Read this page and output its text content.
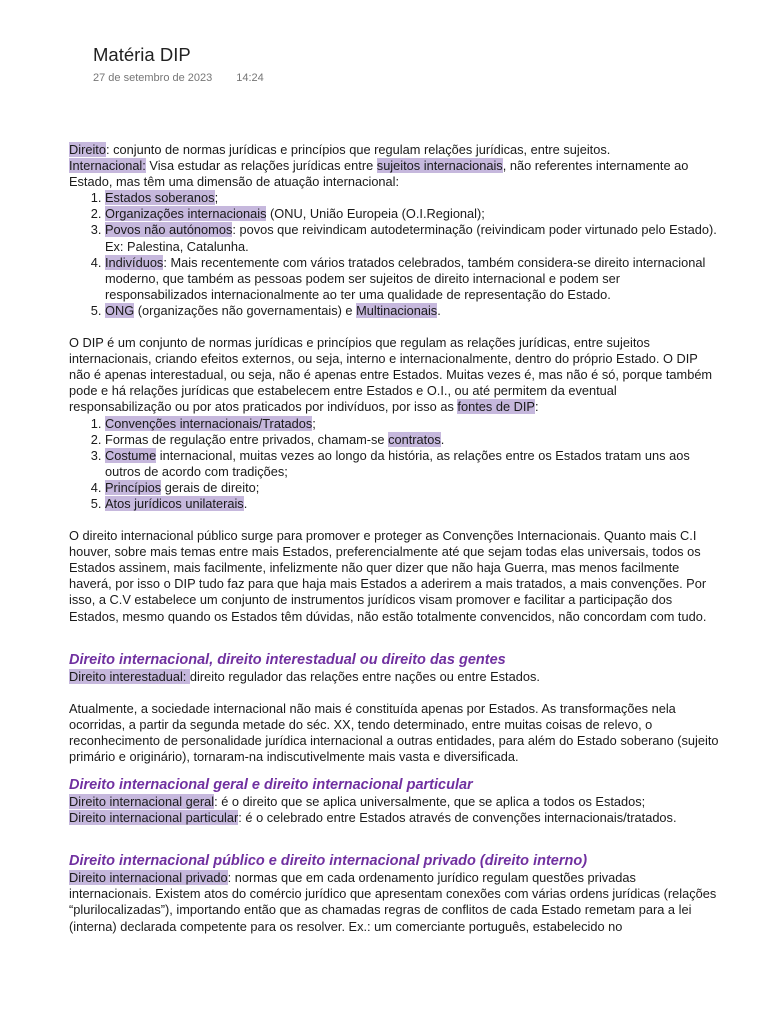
Matéria DIP
27 de setembro de 2023 14:24

Direito: conjunto de normas jurídicas e princípios que regulam relações jurídicas, entre sujeitos.

Internacional: Visa estudar as relações jurídicas entre sujeitos internacionais, não referentes internamente ao Estado, mas têm uma dimensão de atuação internacional:

1. Estados soberanos;
2. Organizações internacionais (ONU, União Europeia (O.I.Regional);
3. Povos não autónomos: povos que reivindicam autodeterminação (reivindicam poder virtunado pelo Estado). Ex: Palestina, Catalunha.
4. Indivíduos: Mais recentemente com vários tratados celebrados, também considera-se direito internacional moderno, que também as pessoas podem ser sujeitos de direito internacional e podem ser responsabilizados internacionalmente ao ter uma qualidade de representação do Estado.
5. ONG (organizações não governamentais) e Multinacionais.

O DIP é um conjunto de normas jurídicas e princípios que regulam as relações jurídicas, entre sujeitos internacionais, criando efeitos externos, ou seja, interno e internacionalmente, dentro do próprio Estado. O DIP não é apenas interestadual, ou seja, não é apenas entre Estados. Muitas vezes é, mas não é só, porque também pode e há relações jurídicas que estabelecem entre Estados e O.I., ou até permitem da eventual responsabilização ou por atos praticados por indivíduos, por isso as fontes de DIP:

1. Convenções internacionais/Tratados;
2. Formas de regulação entre privados, chamam-se contratos.
3. Costume internacional, muitas vezes ao longo da história, as relações entre os Estados tratam uns aos outros de acordo com tradições;
4. Princípios gerais de direito;
5. Atos jurídicos unilaterais.

O direito internacional público surge para promover e proteger as Convenções Internacionais. Quanto mais C.I houver, sobre mais temas entre mais Estados, preferencialmente até que sejam todas elas universais, todos os Estados assinem, mais facilmente, infelizmente não quer dizer que não haja Guerra, mas menos facilmente haverá, por isso o DIP tudo faz para que haja mais Estados a aderirem a mais tratados, a mais convenções. Por isso, a C.V estabelece um conjunto de instrumentos jurídicos visam promover e facilitar a participação dos Estados, mesmo quando os Estados têm dúvidas, não estão totalmente convencidos, não concordam com tudo.

Direito internacional, direito interestadual ou direito das gentes

Direito interestadual: direito regulador das relações entre nações ou entre Estados.

Atualmente, a sociedade internacional não mais é constituída apenas por Estados. As transformações nela ocorridas, a partir da segunda metade do séc. XX, tendo determinado, entre muitas coisas de relevo, o reconhecimento de personalidade jurídica internacional a outras entidades, para além do Estado soberano (sujeito primário e originário), tornaram-na indiscutivelmente mais vasta e diversificada.

Direito internacional geral e direito internacional particular

Direito internacional geral: é o direito que se aplica universalmente, que se aplica a todos os Estados;

Direito internacional particular: é o celebrado entre Estados através de convenções internacionais/tratados.

Direito internacional público e direito internacional privado (direito interno)

Direito internacional privado: normas que em cada ordenamento jurídico regulam questões privadas internacionais. Existem atos do comércio jurídico que apresentam conexões com várias ordens jurídicas (relações “plurilocalizadas”), importando então que as chamadas regras de conflitos de cada Estado remetam para a lei (interna) declarada competente para os resolver. Ex.: um comerciante português, estabelecido no
